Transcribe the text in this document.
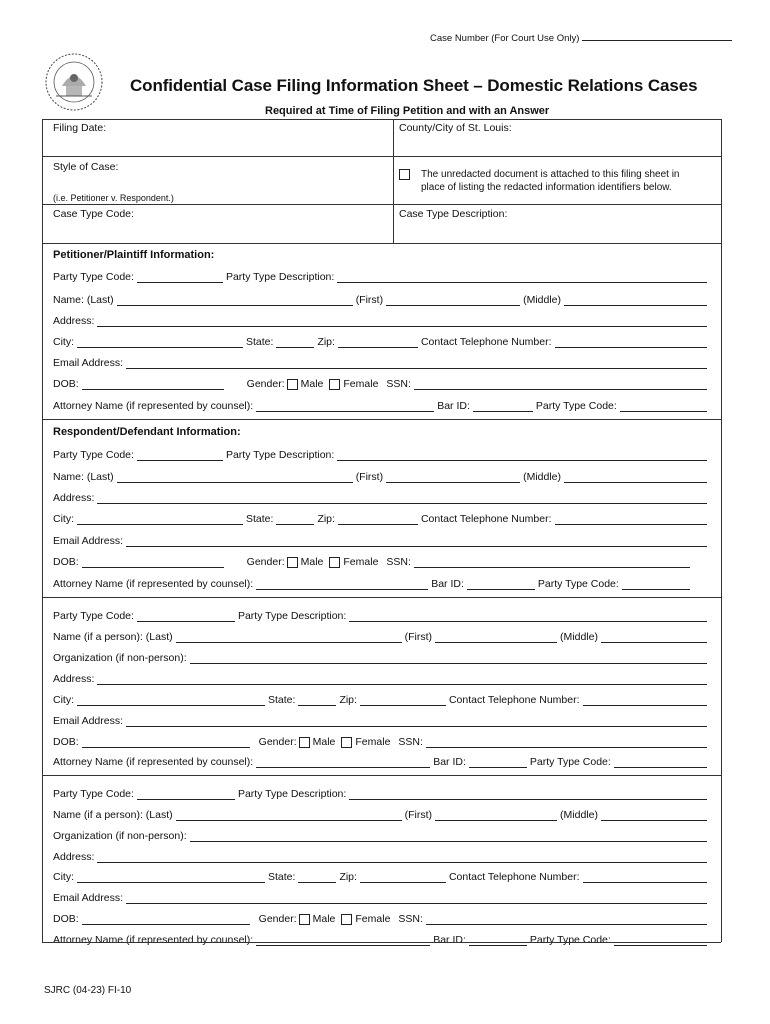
Case Number (For Court Use Only)
Confidential Case Filing Information Sheet – Domestic Relations Cases
Required at Time of Filing Petition and with an Answer
Filing Date:	County/City of St. Louis:
Style of Case:
(i.e. Petitioner v. Respondent.)
The unredacted document is attached to this filing sheet in
place of listing the redacted information identifiers below.
Case Type Code:	Case Type Description:
Petitioner/Plaintiff Information:
Party Type Code:	Party Type Description:
Name: (Last)	(First)	(Middle)
Address:
City:	State:	Zip:	Contact Telephone Number:
Email Address:
DOB:	Gender: Male Female SSN:
Attorney Name (if represented by counsel):	Bar ID:	Party Type Code:
Respondent/Defendant Information:
Party Type Code:	Party Type Description:
Name: (Last)	(First)	(Middle)
Address:
City:	State:	Zip:	Contact Telephone Number:
Email Address:
DOB:	Gender: Male Female SSN:
Attorney Name (if represented by counsel):	Bar ID:	Party Type Code:
Party Type Code:	Party Type Description:
Name (if a person): (Last)	(First)	(Middle)
Organization (if non-person):
Address:
City:	State:	Zip:	Contact Telephone Number:
Email Address:
DOB:	Gender: Male Female SSN:
Attorney Name (if represented by counsel):	Bar ID:	Party Type Code:
Party Type Code:	Party Type Description:
Name (if a person): (Last)	(First)	(Middle)
Organization (if non-person):
Address:
City:	State:	Zip:	Contact Telephone Number:
Email Address:
DOB:	Gender: Male Female SSN:
Attorney Name (if represented by counsel):	Bar ID:	Party Type Code:
SJRC (04-23) FI-10
